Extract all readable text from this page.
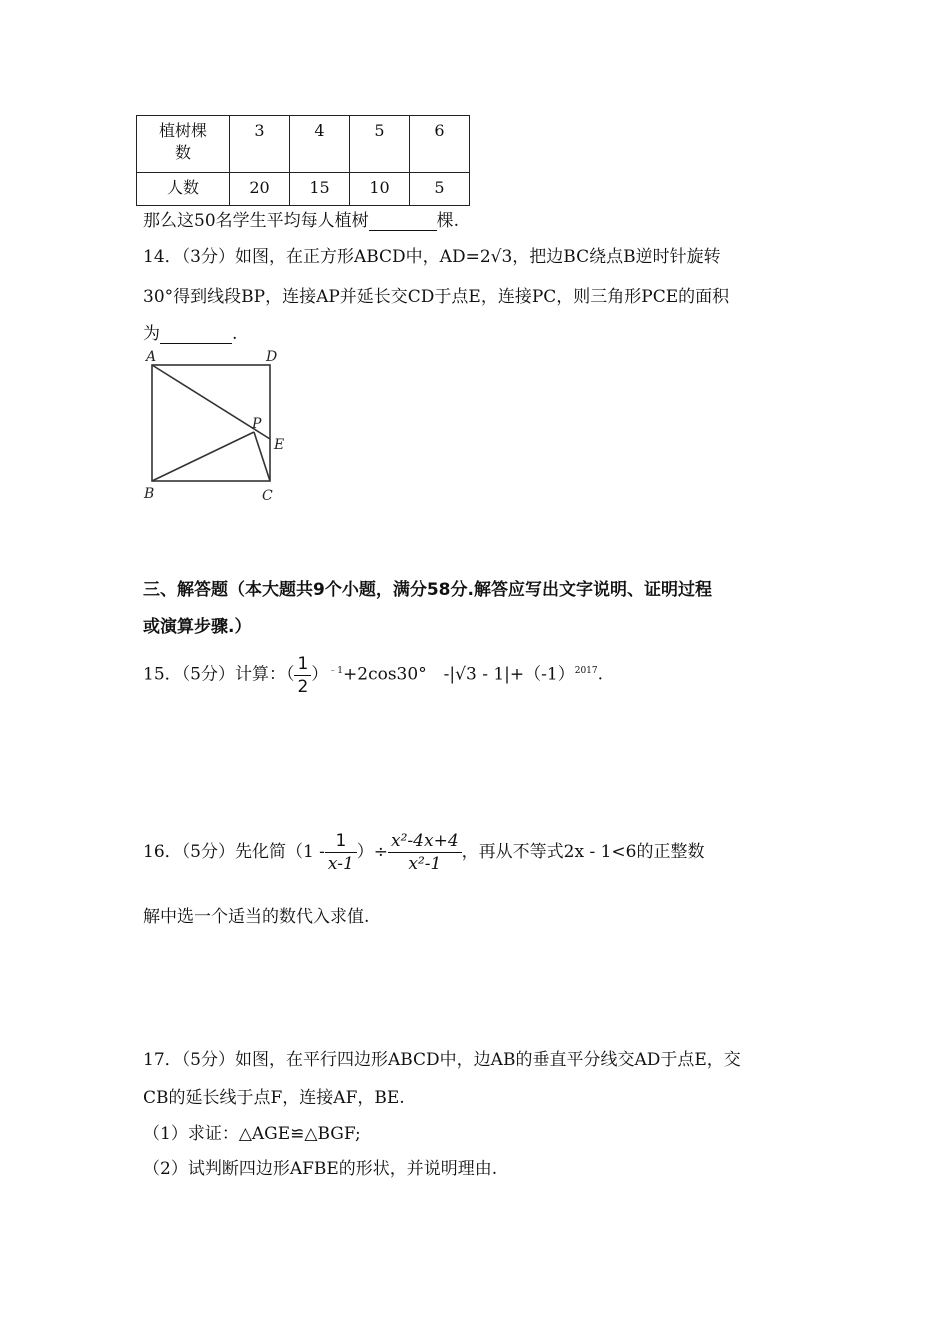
植树棵数	3	4	5	6
人数	20	15	10	5
那么这50名学生平均每人植树	棵.
14．（3分）如图，在正方形ABCD中，AD=2√3，把边BC绕点B逆时针旋转
30°得到线段BP，连接AP并延长交CD于点E，连接PC，则三角形PCE的面积
为	.
A	D
P
E
B	C
三、解答题（本大题共9个小题，满分58分.解答应写出文字说明、证明过程
或演算步骤.）
15．（5分）计算：（ $\frac{1}{2} )^{﹣1}+2\cos 30^\circ$　$-|√3 - 1|+(-1)^{2017}$.
16．（5分）先化简（$1 - \frac{1}{x-1}$ ）÷ $\frac{\text{x²-4x+4}}{\text{x²-1}}$ ，再从不等式2x - 1<6的正整数
解中选一个适当的数代入求值.
17．（5分）如图，在平行四边形ABCD中，边AB的垂直平分线交AD于点E，交
CB的延长线于点F，连接AF，BE.
（1）求证：△AGE≌△BGF;
（2）试判断四边形AFBE的形状，并说明理由.
